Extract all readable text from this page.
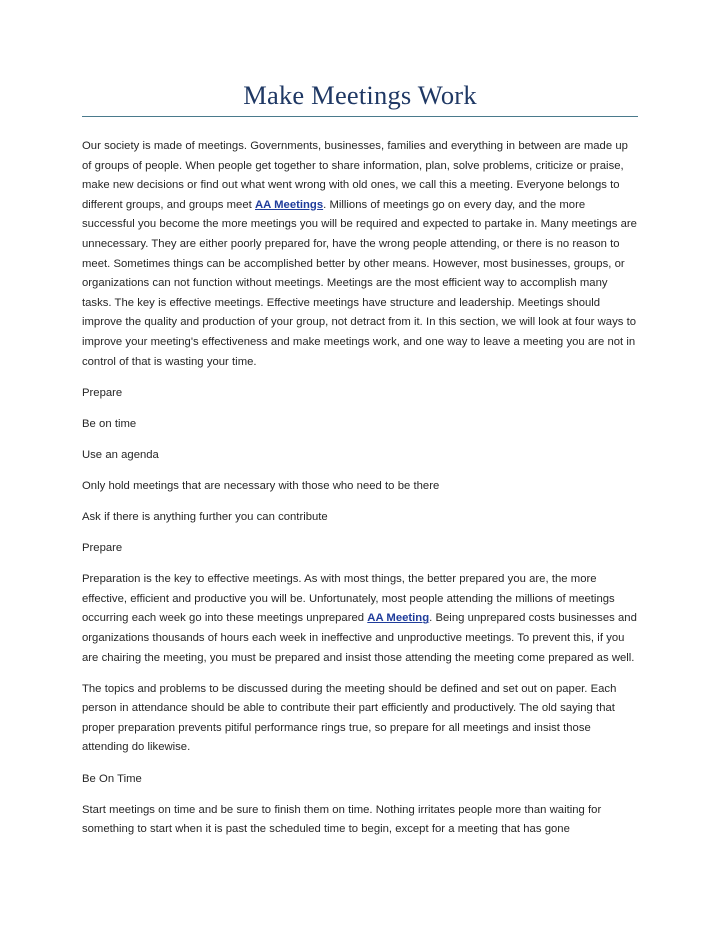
Make Meetings Work

Our society is made of meetings. Governments, businesses, families and everything in between are made up of groups of people. When people get together to share information, plan, solve problems, criticize or praise, make new decisions or find out what went wrong with old ones, we call this a meeting. Everyone belongs to different groups, and groups meet AA Meetings. Millions of meetings go on every day, and the more successful you become the more meetings you will be required and expected to partake in. Many meetings are unnecessary. They are either poorly prepared for, have the wrong people attending, or there is no reason to meet. Sometimes things can be accomplished better by other means. However, most businesses, groups, or organizations can not function without meetings. Meetings are the most efficient way to accomplish many tasks. The key is effective meetings. Effective meetings have structure and leadership. Meetings should improve the quality and production of your group, not detract from it. In this section, we will look at four ways to improve your meeting's effectiveness and make meetings work, and one way to leave a meeting you are not in control of that is wasting your time.

Prepare

Be on time

Use an agenda

Only hold meetings that are necessary with those who need to be there

Ask if there is anything further you can contribute

Prepare

Preparation is the key to effective meetings. As with most things, the better prepared you are, the more effective, efficient and productive you will be. Unfortunately, most people attending the millions of meetings occurring each week go into these meetings unprepared AA Meeting. Being unprepared costs businesses and organizations thousands of hours each week in ineffective and unproductive meetings. To prevent this, if you are chairing the meeting, you must be prepared and insist those attending the meeting come prepared as well.

The topics and problems to be discussed during the meeting should be defined and set out on paper. Each person in attendance should be able to contribute their part efficiently and productively. The old saying that proper preparation prevents pitiful performance rings true, so prepare for all meetings and insist those attending do likewise.

Be On Time

Start meetings on time and be sure to finish them on time. Nothing irritates people more than waiting for something to start when it is past the scheduled time to begin, except for a meeting that has gone
